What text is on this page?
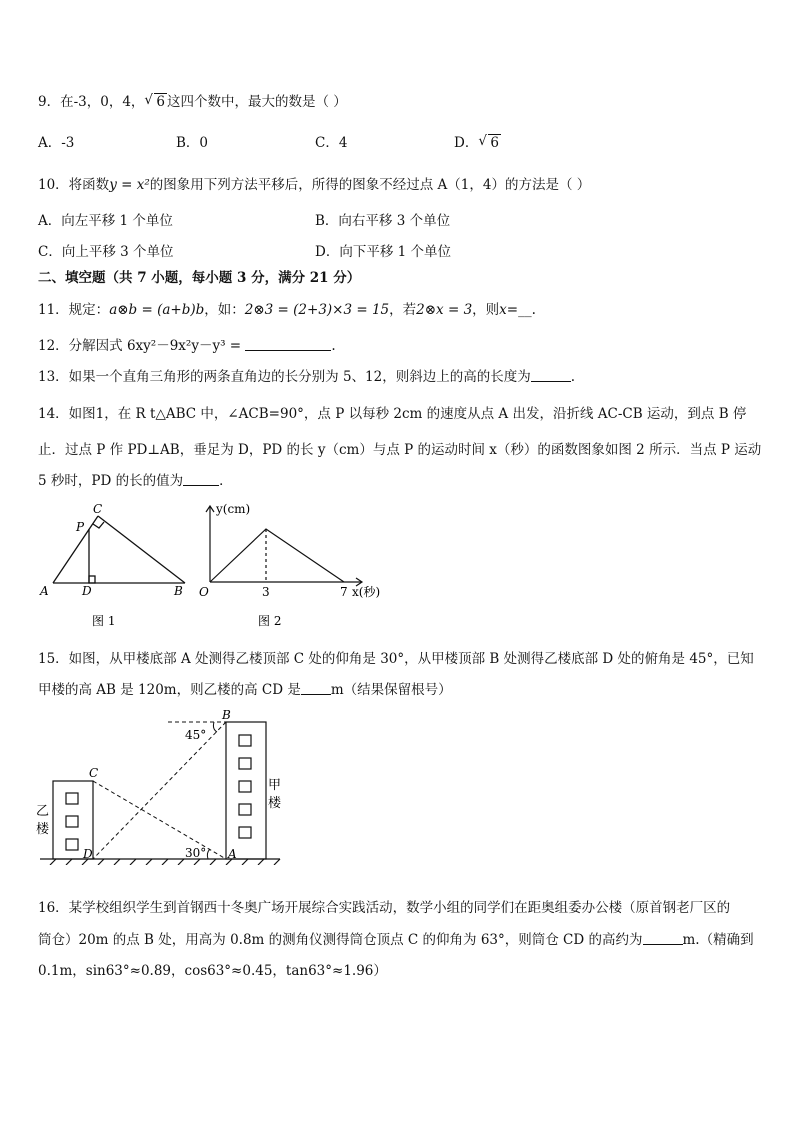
9．在-3，0，4， √ 6 这四个数中，最大的数是（ ）
A．-3	B．0	C．4	D． √ 6
10．将函数y = x²的图象用下列方法平移后，所得的图象不经过点 A（1，4）的方法是（ ）
A．向左平移 1 个单位	B．向右平移 3 个单位
C．向上平移 3 个单位	D．向下平移 1 个单位
二、填空题（共 7 小题，每小题 3 分，满分 21 分）
11．规定：a⊗b = (a+b)b，如：2⊗3 = (2+3)×3 = 15，若2⊗x = 3，则x=__.
12．分解因式 6xy²－9x²y－y³ =	.
13．如果一个直角三角形的两条直角边的长分别为 5、12，则斜边上的高的长度为	.
14．如图1，在 R t△ABC 中，∠ACB=90°，点 P 以每秒 2cm 的速度从点 A 出发，沿折线 AC-CB 运动，到点 B 停
止．过点 P 作 PD⊥AB，垂足为 D，PD 的长 y（cm）与点 P 的运动时间 x（秒）的函数图象如图 2 所示．当点 P 运动
5 秒时，PD 的长的值为	．
A	D	B
C
P
图 1
y(cm)
x(秒)
O	3	7
图 2
15．如图，从甲楼底部 A 处测得乙楼顶部 C 处的仰角是 30°，从甲楼顶部 B 处测得乙楼底部 D 处的俯角是 45°，已知
甲楼的高 AB 是 120m，则乙楼的高 CD 是 m（结果保留根号）
B
C
D	A
45°
30°
乙
楼
甲
楼
16．某学校组织学生到首钢西十冬奥广场开展综合实践活动，数学小组的同学们在距奥组委办公楼（原首钢老厂区的
筒仓）20m 的点 B 处，用高为 0.8m 的测角仪测得筒仓顶点 C 的仰角为 63°，则筒仓 CD 的高约为	m.（精确到
0.1m，sin63°≈0.89，cos63°≈0.45，tan63°≈1.96）
